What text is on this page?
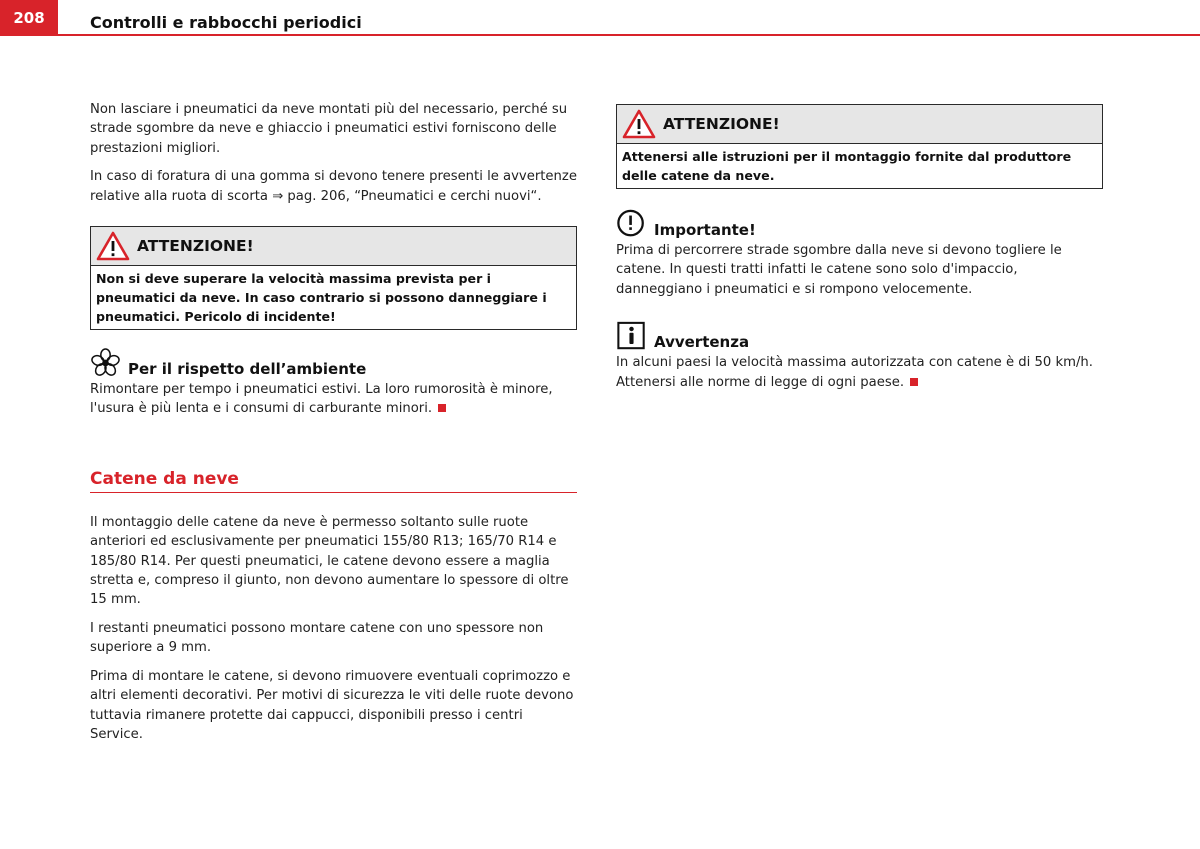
208	Controlli e rabbocchi periodici

Non lasciare i pneumatici da neve montati più del necessario, perché su strade sgombre da neve e ghiaccio i pneumatici estivi forniscono delle prestazioni migliori.

In caso di foratura di una gomma si devono tenere presenti le avvertenze relative alla ruota di scorta ⇒ pag. 206, “Pneumatici e cerchi nuovi“.

ATTENZIONE!
Non si deve superare la velocità massima prevista per i pneumatici da neve. In caso contrario si possono danneggiare i pneumatici. Pericolo di incidente!
Per il rispetto dell’ambiente

Rimontare per tempo i pneumatici estivi. La loro rumorosità è minore, l'usura è più lenta e i consumi di carburante minori.

Catene da neve

Il montaggio delle catene da neve è permesso soltanto sulle ruote anteriori ed esclusivamente per pneumatici 155/80 R13; 165/70 R14 e 185/80 R14. Per questi pneumatici, le catene devono essere a maglia stretta e, compreso il giunto, non devono aumentare lo spessore di oltre 15 mm.

I restanti pneumatici possono montare catene con uno spessore non superiore a 9 mm.

Prima di montare le catene, si devono rimuovere eventuali coprimozzo e altri elementi decorativi. Per motivi di sicurezza le viti delle ruote devono tuttavia rimanere protette dai cappucci, disponibili presso i centri Service.

ATTENZIONE!
Attenersi alle istruzioni per il montaggio fornite dal produttore delle catene da neve.
Importante!

Prima di percorrere strade sgombre dalla neve si devono togliere le catene. In questi tratti infatti le catene sono solo d'impaccio, danneggiano i pneumatici e si rompono velocemente.

Avvertenza

In alcuni paesi la velocità massima autorizzata con catene è di 50 km/h. Attenersi alle norme di legge di ogni paese.
